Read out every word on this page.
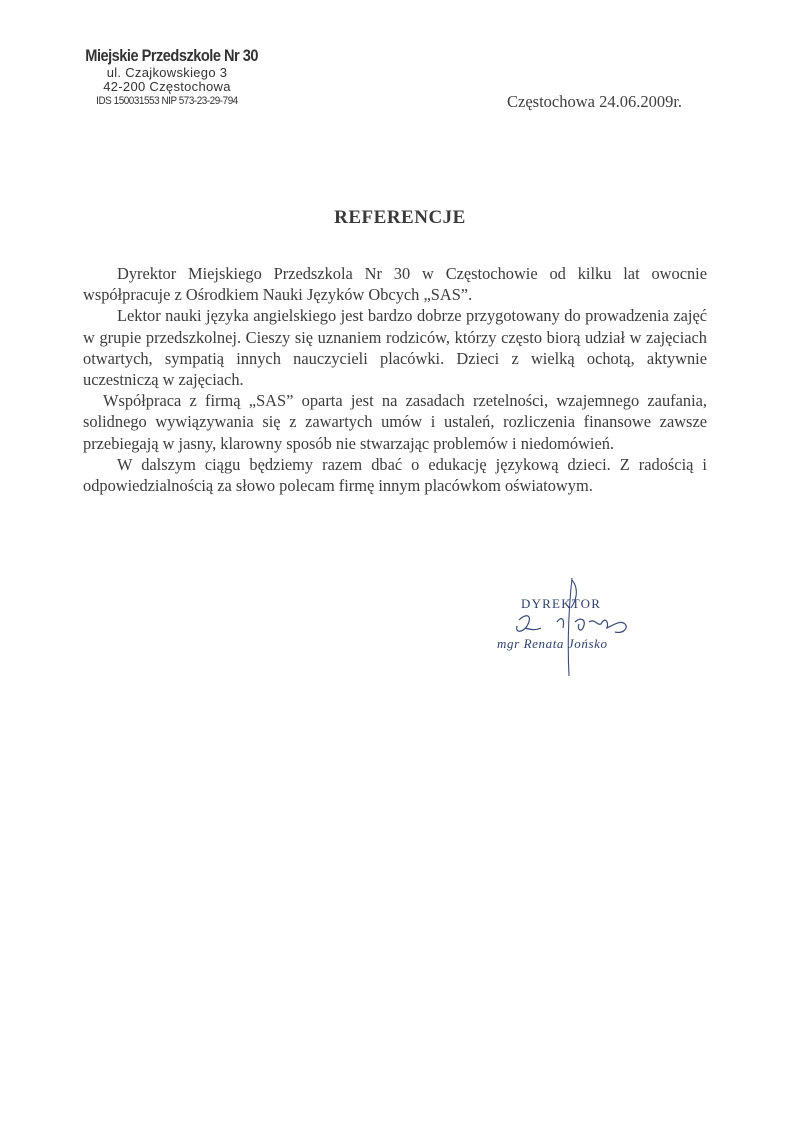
Miejskie Przedszkole Nr 30
ul. Czajkowskiego 3
42-200 Częstochowa
IDS 150031553 NIP 573-23-29-794	Częstochowa 24.06.2009r.
REFERENCJE

Dyrektor Miejskiego Przedszkola Nr 30 w Częstochowie od kilku lat owocnie współpracuje z Ośrodkiem Nauki Języków Obcych „SAS”.

Lektor nauki języka angielskiego jest bardzo dobrze przygotowany do prowadzenia zajęć w grupie przedszkolnej. Cieszy się uznaniem rodziców, którzy często biorą udział w zajęciach otwartych, sympatią innych nauczycieli placówki. Dzieci z wielką ochotą, aktywnie uczestniczą w zajęciach.

Współpraca z firmą „SAS” oparta jest na zasadach rzetelności, wzajemnego zaufania, solidnego wywiązywania się z zawartych umów i ustaleń, rozliczenia finansowe zawsze przebiegają w jasny, klarowny sposób nie stwarzając problemów i niedomówień.

W dalszym ciągu będziemy razem dbać o edukację językową dzieci. Z radością i odpowiedzialnością za słowo polecam firmę innym placówkom oświatowym.

DYREKTOR
mgr Renata Jońsko
